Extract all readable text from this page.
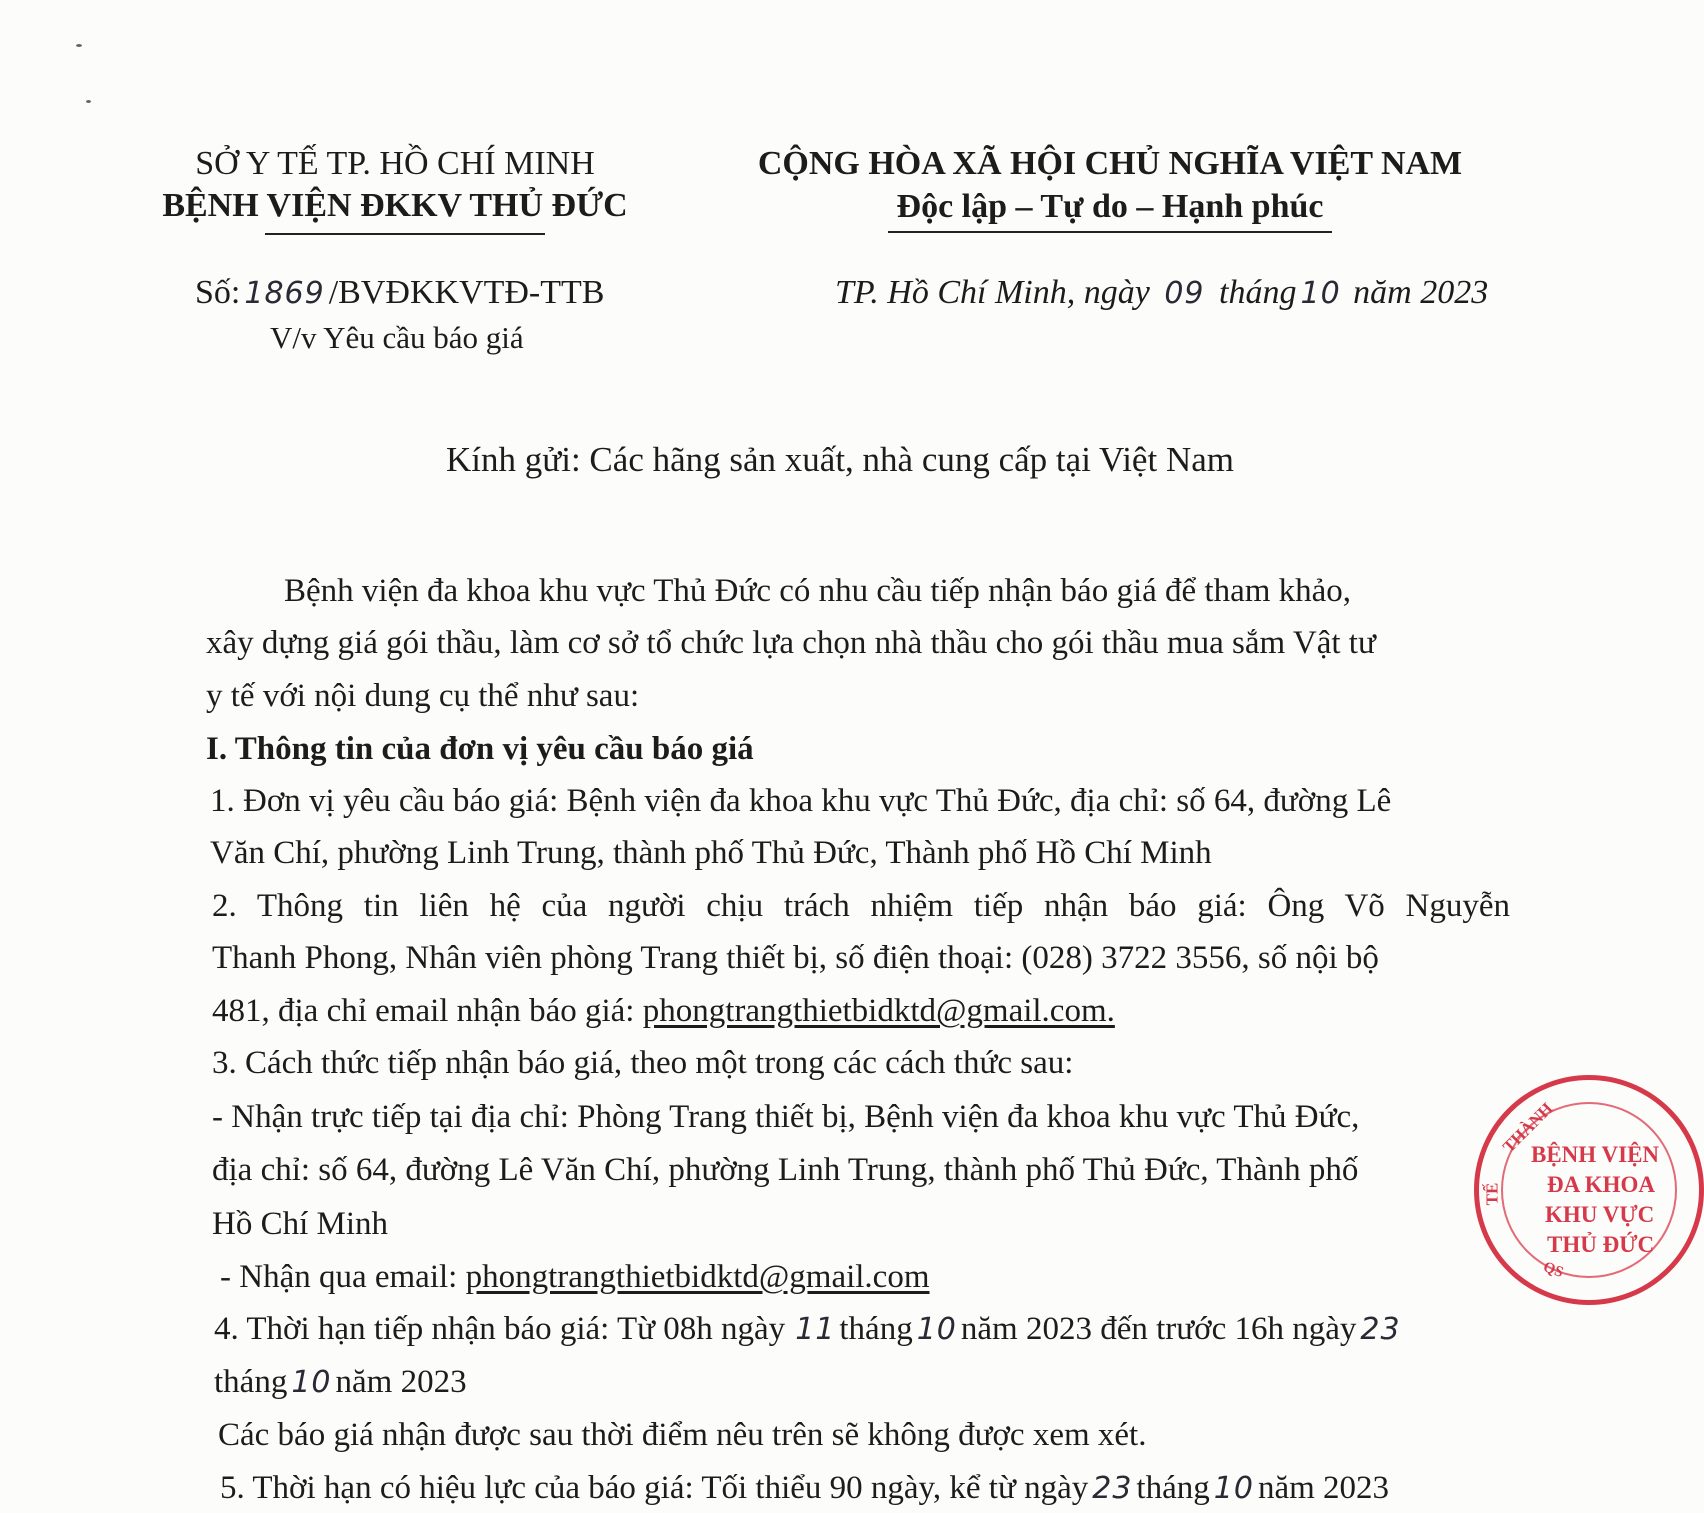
SỞ Y TẾ TP. HỒ CHÍ MINH
BỆNH VIỆN ĐKKV THỦ ĐỨC
CỘNG HÒA XÃ HỘI CHỦ NGHĨA VIỆT NAM
Độc lập – Tự do – Hạnh phúc
Số: 1869 /BVĐKKVTĐ-TTB
V/v Yêu cầu báo giá
TP. Hồ Chí Minh, ngày 09 tháng 10 năm 2023
Kính gửi: Các hãng sản xuất, nhà cung cấp tại Việt Nam
Bệnh viện đa khoa khu vực Thủ Đức có nhu cầu tiếp nhận báo giá để tham khảo,
xây dựng giá gói thầu, làm cơ sở tổ chức lựa chọn nhà thầu cho gói thầu mua sắm Vật tư
y tế với nội dung cụ thể như sau:
I. Thông tin của đơn vị yêu cầu báo giá
1. Đơn vị yêu cầu báo giá: Bệnh viện đa khoa khu vực Thủ Đức, địa chỉ: số 64, đường Lê
Văn Chí, phường Linh Trung, thành phố Thủ Đức, Thành phố Hồ Chí Minh
2. Thông tin liên hệ của người chịu trách nhiệm tiếp nhận báo giá: Ông Võ Nguyễn
Thanh Phong, Nhân viên phòng Trang thiết bị, số điện thoại: (028) 3722 3556, số nội bộ
481, địa chỉ email nhận báo giá: phongtrangthietbidktd@gmail.com.
3. Cách thức tiếp nhận báo giá, theo một trong các cách thức sau:
- Nhận trực tiếp tại địa chỉ: Phòng Trang thiết bị, Bệnh viện đa khoa khu vực Thủ Đức,
địa chỉ: số 64, đường Lê Văn Chí, phường Linh Trung, thành phố Thủ Đức, Thành phố
Hồ Chí Minh
- Nhận qua email: phongtrangthietbidktd@gmail.com
4. Thời hạn tiếp nhận báo giá: Từ 08h ngày 11 tháng 10 năm 2023 đến trước 16h ngày 23
tháng 10 năm 2023
Các báo giá nhận được sau thời điểm nêu trên sẽ không được xem xét.
5. Thời hạn có hiệu lực của báo giá: Tối thiểu 90 ngày, kể từ ngày 23 tháng 10 năm 2023
THÀNH
TẾ
QS
BỆNH VIỆN
ĐA KHOA
KHU VỰC
THỦ ĐỨC
